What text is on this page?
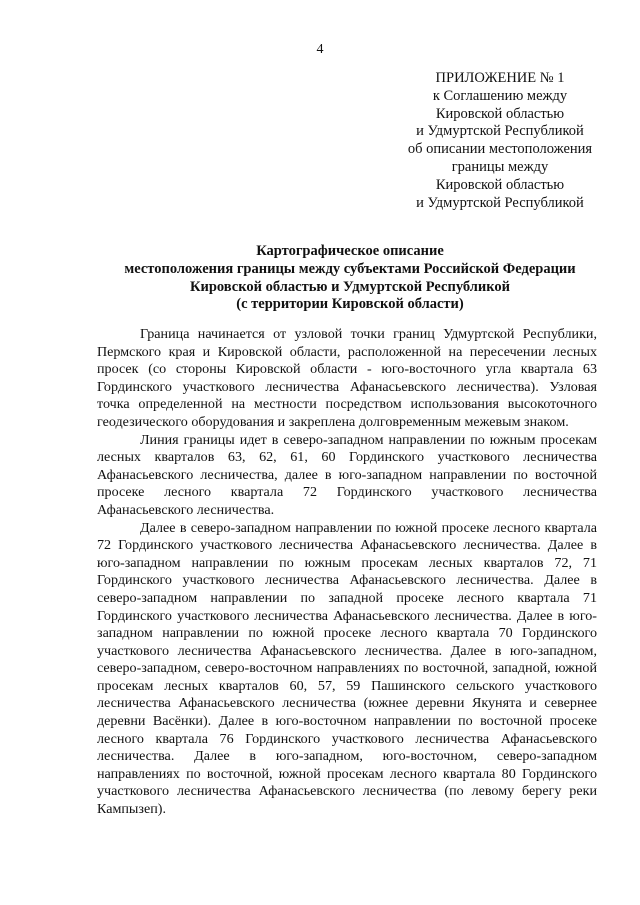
4
ПРИЛОЖЕНИЕ № 1
к Соглашению между
Кировской областью
и Удмуртской Республикой
об описании местоположения
границы между
Кировской областью
и Удмуртской Республикой
Картографическое описание
местоположения границы между субъектами Российской Федерации
Кировской областью и Удмуртской Республикой
(с территории Кировской области)

Граница начинается от узловой точки границ Удмуртской Республики, Пермского края и Кировской области, расположенной на пересечении лесных просек (со стороны Кировской области - юго-восточного угла квартала 63 Гординского участкового лесничества Афанасьевского лесничества). Узловая точка определенной на местности посредством использования высокоточного геодезического оборудования и закреплена долговременным межевым знаком.

Линия границы идет в северо-западном направлении по южным просекам лесных кварталов 63, 62, 61, 60 Гординского участкового лесничества Афанасьевского лесничества, далее в юго-западном направлении по восточной просеке лесного квартала 72 Гординского участкового лесничества Афанасьевского лесничества.

Далее в северо-западном направлении по южной просеке лесного квартала 72 Гординского участкового лесничества Афанасьевского лесничества. Далее в юго-западном направлении по южным просекам лесных кварталов 72, 71 Гординского участкового лесничества Афанасьевского лесничества. Далее в северо-западном направлении по западной просеке лесного квартала 71 Гординского участкового лесничества Афанасьевского лесничества. Далее в юго-западном направлении по южной просеке лесного квартала 70 Гординского участкового лесничества Афанасьевского лесничества. Далее в юго-западном, северо-западном, северо-восточном направлениях по восточной, западной, южной просекам лесных кварталов 60, 57, 59 Пашинского сельского участкового лесничества Афанасьевского лесничества (южнее деревни Якунята и севернее деревни Васёнки). Далее в юго-восточном направлении по восточной просеке лесного квартала 76 Гординского участкового лесничества Афанасьевского лесничества. Далее в юго-западном, юго-восточном, северо-западном направлениях по восточной, южной просекам лесного квартала 80 Гординского участкового лесничества Афанасьевского лесничества (по левому берегу реки Кампызеп).
